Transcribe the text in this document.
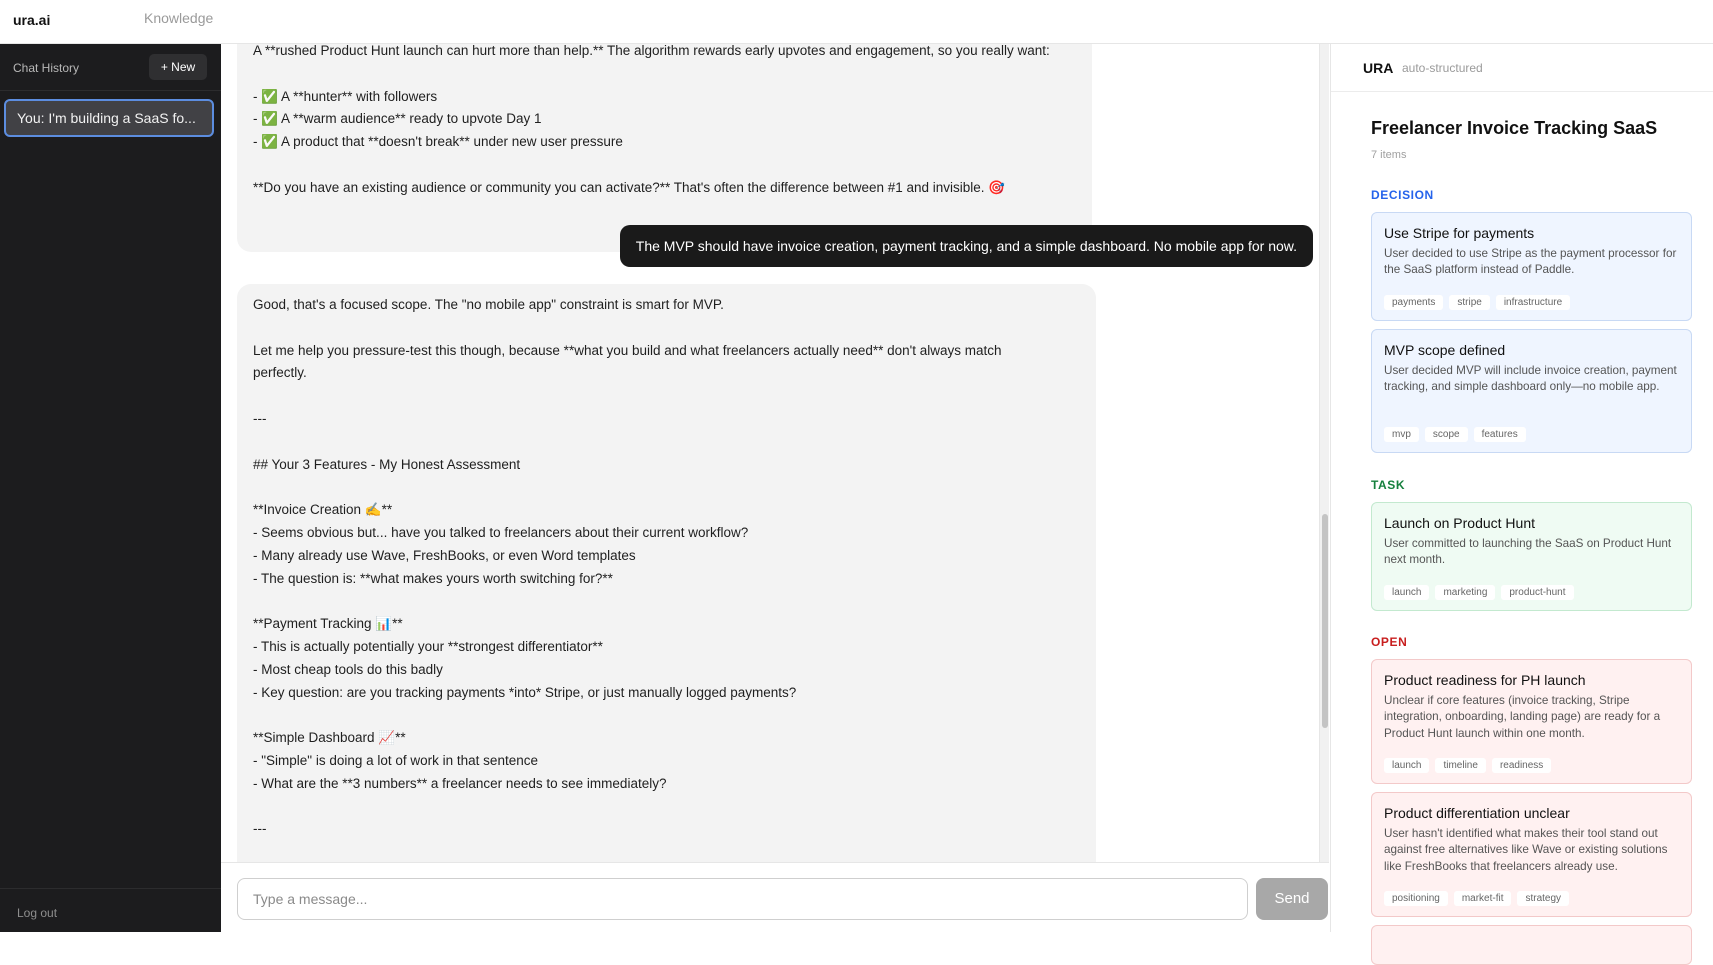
ura.ai	Knowledge
Chat History	+ New
You: I'm building a SaaS fo...
Log out
A **rushed Product Hunt launch can hurt more than help.** The algorithm rewards early upvotes and engagement, so you really want:
- ✅ A **hunter** with followers
- ✅ A **warm audience** ready to upvote Day 1
- ✅ A product that **doesn't break** under new user pressure
**Do you have an existing audience or community you can activate?** That's often the difference between #1 and invisible. 🎯
The MVP should have invoice creation, payment tracking, and a simple dashboard. No mobile app for now.
Good, that's a focused scope. The "no mobile app" constraint is smart for MVP.
Let me help you pressure-test this though, because **what you build and what freelancers actually need** don't always match
perfectly.
---
## Your 3 Features - My Honest Assessment
**Invoice Creation ✍️**
- Seems obvious but... have you talked to freelancers about their current workflow?
- Many already use Wave, FreshBooks, or even Word templates
- The question is: **what makes yours worth switching for?**
**Payment Tracking 📊**
- This is actually potentially your **strongest differentiator**
- Most cheap tools do this badly
- Key question: are you tracking payments *into* Stripe, or just manually logged payments?
**Simple Dashboard 📈**
- "Simple" is doing a lot of work in that sentence
- What are the **3 numbers** a freelancer needs to see immediately?
---
Type a message...
Send
URA auto-structured
Freelancer Invoice Tracking SaaS
7 items
DECISION
Use Stripe for payments
User decided to use Stripe as the payment processor for the SaaS platform instead of Paddle.
payments	stripe	infrastructure
MVP scope defined
User decided MVP will include invoice creation, payment tracking, and simple dashboard only—no mobile app.
mvp	scope	features
TASK
Launch on Product Hunt
User committed to launching the SaaS on Product Hunt next month.
launch	marketing	product-hunt
OPEN
Product readiness for PH launch
Unclear if core features (invoice tracking, Stripe integration, onboarding, landing page) are ready for a Product Hunt launch within one month.
launch	timeline	readiness
Product differentiation unclear
User hasn't identified what makes their tool stand out against free alternatives like Wave or existing solutions like FreshBooks that freelancers already use.
positioning	market-fit	strategy
